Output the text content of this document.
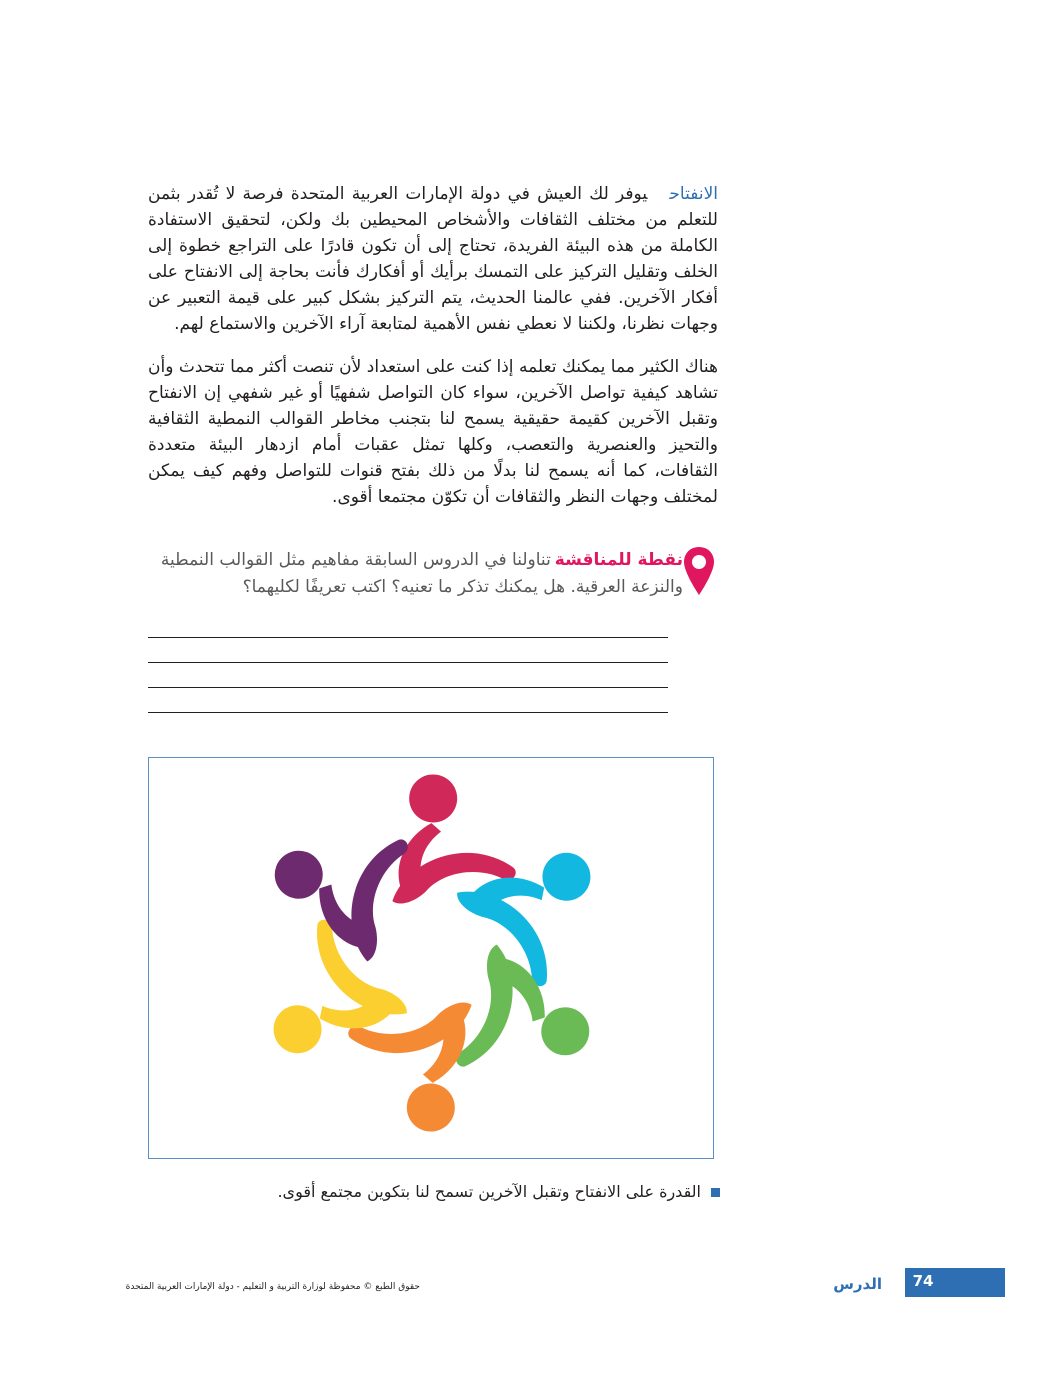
الانفتاحيوفر لك العيش في دولة الإمارات العربية المتحدة فرصة لا تُقدر بثمن للتعلم من مختلف الثقافات والأشخاص المحيطين بك ولكن، لتحقيق الاستفادة الكاملة من هذه البيئة الفريدة، تحتاج إلى أن تكون قادرًا على التراجع خطوة إلى الخلف وتقليل التركيز على التمسك برأيك أو أفكارك فأنت بحاجة إلى الانفتاح على أفكار الآخرين. ففي عالمنا الحديث، يتم التركيز بشكل كبير على قيمة التعبير عن وجهات نظرنا، ولكننا لا نعطي نفس الأهمية لمتابعة آراء الآخرين والاستماع لهم.

هناك الكثير مما يمكنك تعلمه إذا كنت على استعداد لأن تنصت أكثر مما تتحدث وأن تشاهد كيفية تواصل الآخرين، سواء كان التواصل شفهيًا أو غير شفهي إن الانفتاح وتقبل الآخرين كقيمة حقيقية يسمح لنا بتجنب مخاطر القوالب النمطية الثقافية والتحيز والعنصرية والتعصب، وكلها تمثل عقبات أمام ازدهار البيئة متعددة الثقافات، كما أنه يسمح لنا بدلًا من ذلك بفتح قنوات للتواصل وفهم كيف يمكن لمختلف وجهات النظر والثقافات أن تكوّن مجتمعا أقوى.

نقطة للمناقشةتناولنا في الدروس السابقة مفاهيم مثل القوالب النمطية والنزعة العرقية. هل يمكنك تذكر ما تعنيه؟ اكتب تعريفًا لكليهما؟

القدرة على الانفتاح وتقبل الآخرين تسمح لنا بتكوين مجتمع أقوى.
74
الدرس
حقوق الطبع © محفوظة لوزارة التربية و التعليم - دولة الإمارات العربية المتحدة
